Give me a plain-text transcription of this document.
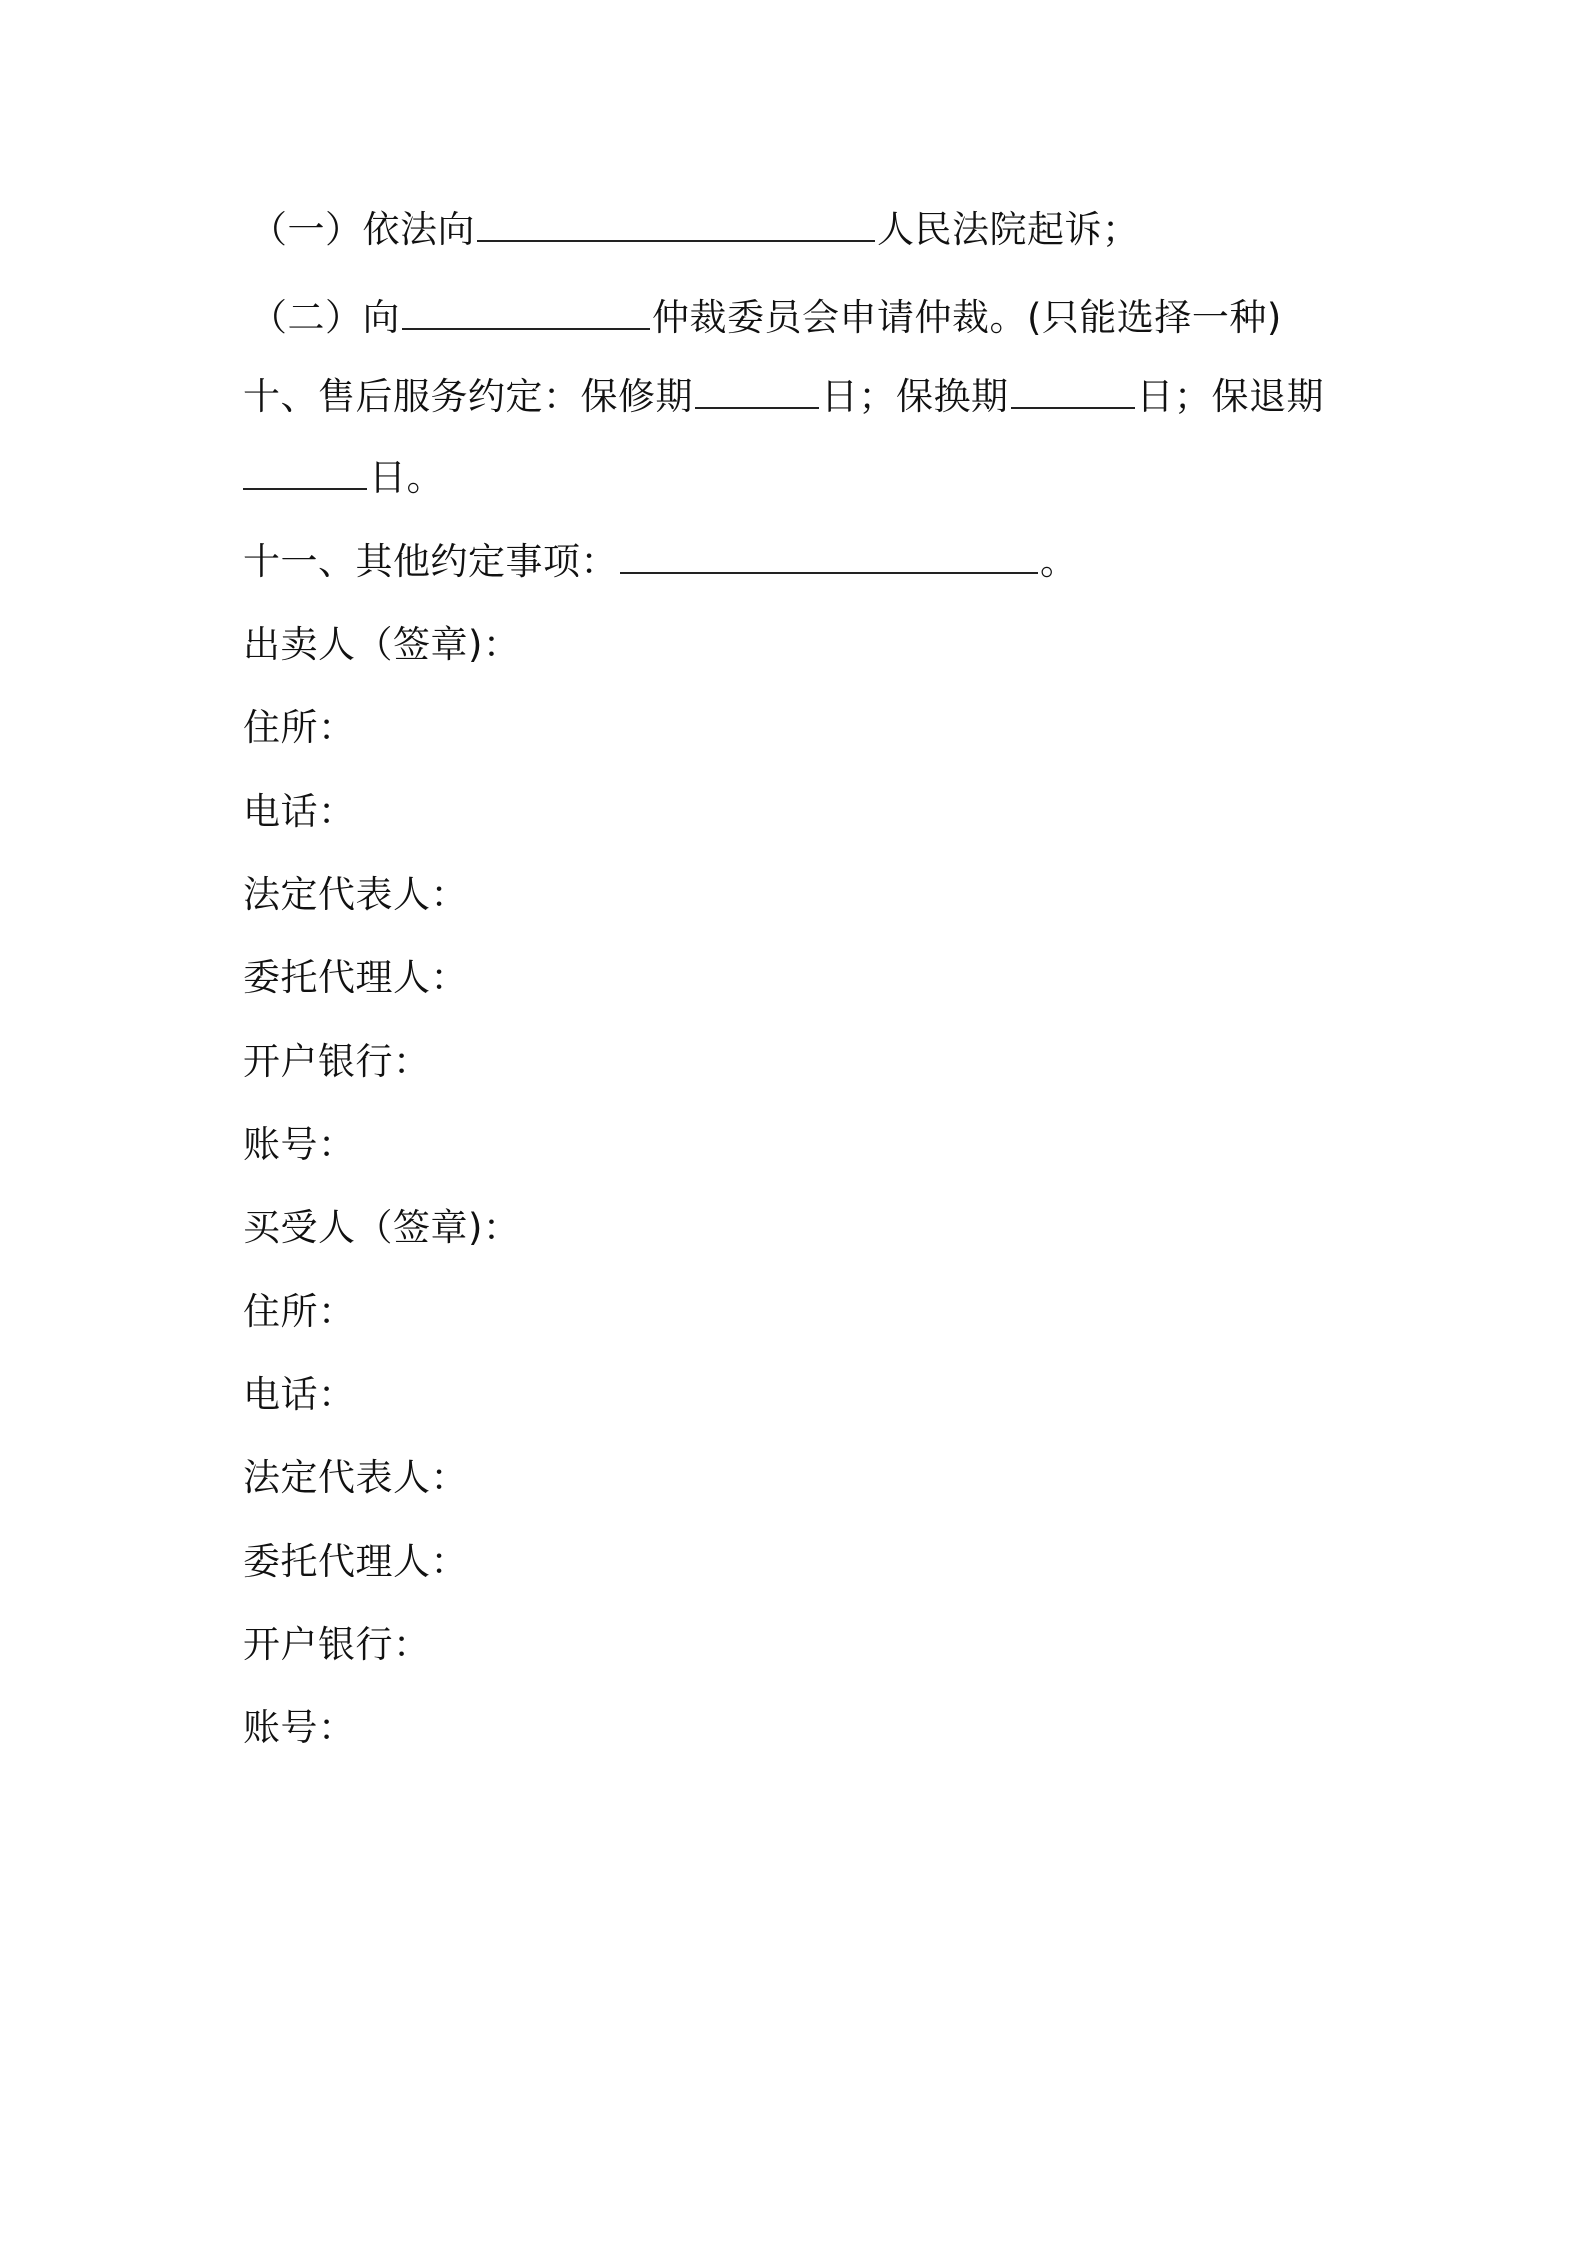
（一）依法向	人民法院起诉；
（二）向	仲裁委员会申请仲裁。(只能选择一种)
十、售后服务约定：保修期	日；保换期	日；保退期
日。
十一、其他约定事项：	。
出卖人（签章)：
住所：
电话：
法定代表人：
委托代理人：
开户银行：
账号：
买受人（签章)：
住所：
电话：
法定代表人：
委托代理人：
开户银行：
账号：
